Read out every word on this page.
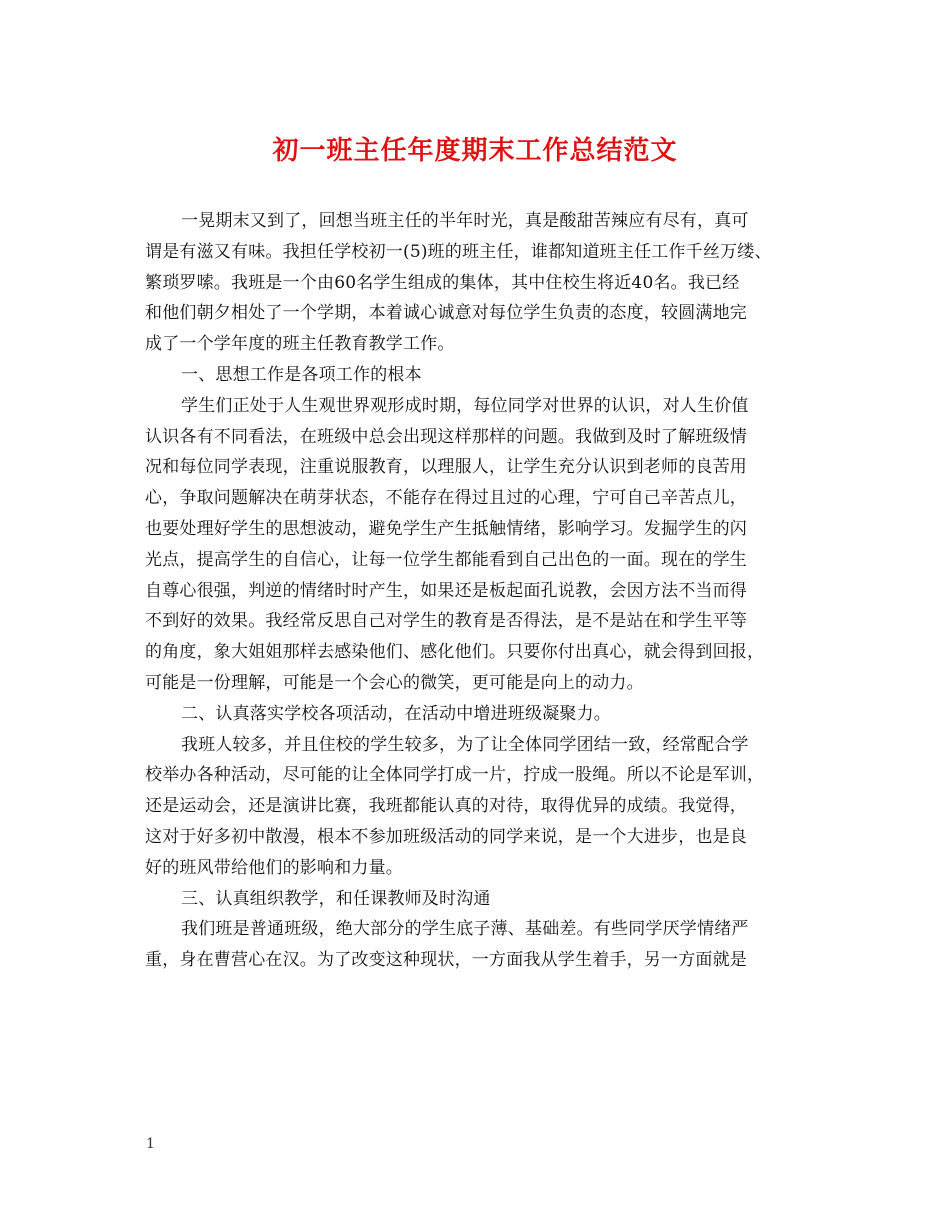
初一班主任年度期末工作总结范文
一晃期末又到了，回想当班主任的半年时光，真是酸甜苦辣应有尽有，真可
谓是有滋又有味。我担任学校初一(5)班的班主任，谁都知道班主任工作千丝万缕、
繁琐罗嗦。我班是一个由60名学生组成的集体，其中住校生将近40名。我已经
和他们朝夕相处了一个学期，本着诚心诚意对每位学生负责的态度，较圆满地完
成了一个学年度的班主任教育教学工作。
一、思想工作是各项工作的根本
学生们正处于人生观世界观形成时期，每位同学对世界的认识，对人生价值
认识各有不同看法，在班级中总会出现这样那样的问题。我做到及时了解班级情
况和每位同学表现，注重说服教育，以理服人，让学生充分认识到老师的良苦用
心，争取问题解决在萌芽状态，不能存在得过且过的心理，宁可自己辛苦点儿，
也要处理好学生的思想波动，避免学生产生抵触情绪，影响学习。发掘学生的闪
光点，提高学生的自信心，让每一位学生都能看到自己出色的一面。现在的学生
自尊心很强，判逆的情绪时时产生，如果还是板起面孔说教，会因方法不当而得
不到好的效果。我经常反思自己对学生的教育是否得法，是不是站在和学生平等
的角度，象大姐姐那样去感染他们、感化他们。只要你付出真心，就会得到回报，
可能是一份理解，可能是一个会心的微笑，更可能是向上的动力。
二、认真落实学校各项活动，在活动中增进班级凝聚力。
我班人较多，并且住校的学生较多，为了让全体同学团结一致，经常配合学
校举办各种活动，尽可能的让全体同学打成一片，拧成一股绳。所以不论是军训，
还是运动会，还是演讲比赛，我班都能认真的对待，取得优异的成绩。我觉得，
这对于好多初中散漫，根本不参加班级活动的同学来说，是一个大进步，也是良
好的班风带给他们的影响和力量。
三、认真组织教学，和任课教师及时沟通
我们班是普通班级，绝大部分的学生底子薄、基础差。有些同学厌学情绪严
重，身在曹营心在汉。为了改变这种现状，一方面我从学生着手，另一方面就是
1
